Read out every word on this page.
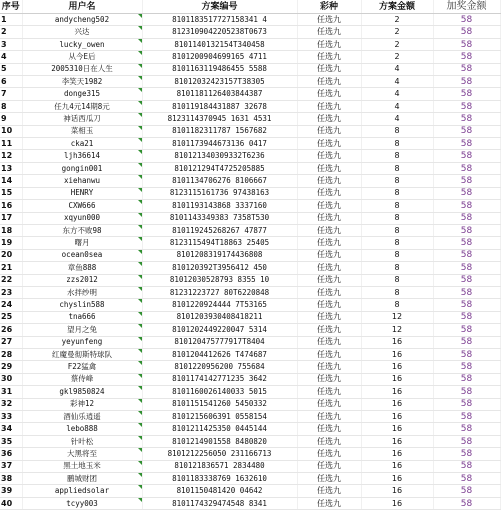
序号	用户名	方案编号	彩种	方案金额	加奖金额
1	andycheng502	8101183517727158341 4	任选九	2	58
2	兴达	8123109042205238T0673	任选九	2	58
3	lucky_owen	8101140132154T340458	任选九	2	58
4	从今E后	8101200904699165 4711	任选九	2	58
5	2005310日在人生	8101163119486455 5588	任选九	4	58
6	李笑天1982	81012032423157T38305	任选九	4	58
7	donge315	8101181126403844387	任选九	4	58
8	任九4元14期8元	810119184431887 32678	任选九	4	58
9	神话西瓜刀	8123114370945 1631 4531	任选九	4	58
10	菜相玉	8101182311787 1567682	任选九	8	58
11	cka21	8101173944673136 0417	任选九	8	58
12	ljh36614	810121340309332T6236	任选九	8	58
13	gongin001	810121294T4725205885	任选九	8	58
14	xiehanwu	8101134706276 8106667	任选九	8	58
15	HENRY	8123115161736 97438163	任选九	8	58
16	CXW666	8101193143868 3337160	任选九	8	58
17	xqyun000	8101143349383 7358T530	任选九	8	58
18	东方不败98	810119245268267 47877	任选九	8	58
19	曙月	8123115494T18863 25405	任选九	8	58
20	ocean0sea	8101208319174436808	任选九	8	58
21	章鱼888	810120392T3956412 450	任选九	8	58
22	zzs2012	81012030528793 8355 10	任选九	8	58
23	水拌纱明	81231223727 80T6220848	任选九	8	58
24	chyslin588	8101220924444 7T53165	任选九	8	58
25	tna666	8101203930408418211	任选九	12	58
26	望月之兔	8101202449220047 5314	任选九	12	58
27	yeyunfeng	810120475777917T8404	任选九	16	58
28	红魔曼彻斯特球队	8101204412626 T474687	任选九	16	58
29	F22猛禽	8101220956200 755684	任选九	16	58
30	蔡侍峰	8101174142771235 3642	任选九	16	58
31	gkl9850824	8101160026140033 5015	任选九	16	58
32	彩神12	8101151541260 5450332	任选九	16	58
33	酒仙乐逍遥	8101215606391 0558154	任选九	16	58
34	lebo888	8101211425350 0445144	任选九	16	58
35	针叶松	8101214901558 8480820	任选九	16	58
36	大黑将至	8101212256050 231166713	任选九	16	58
37	黑土地玉米	810121836571 2834480	任选九	16	58
38	鹏城财团	8101183338769 1632610	任选九	16	58
39	appliedsolar	8101150481420 04642	任选九	16	58
40	tcyy003	8101174329474548 8341	任选九	16	58
